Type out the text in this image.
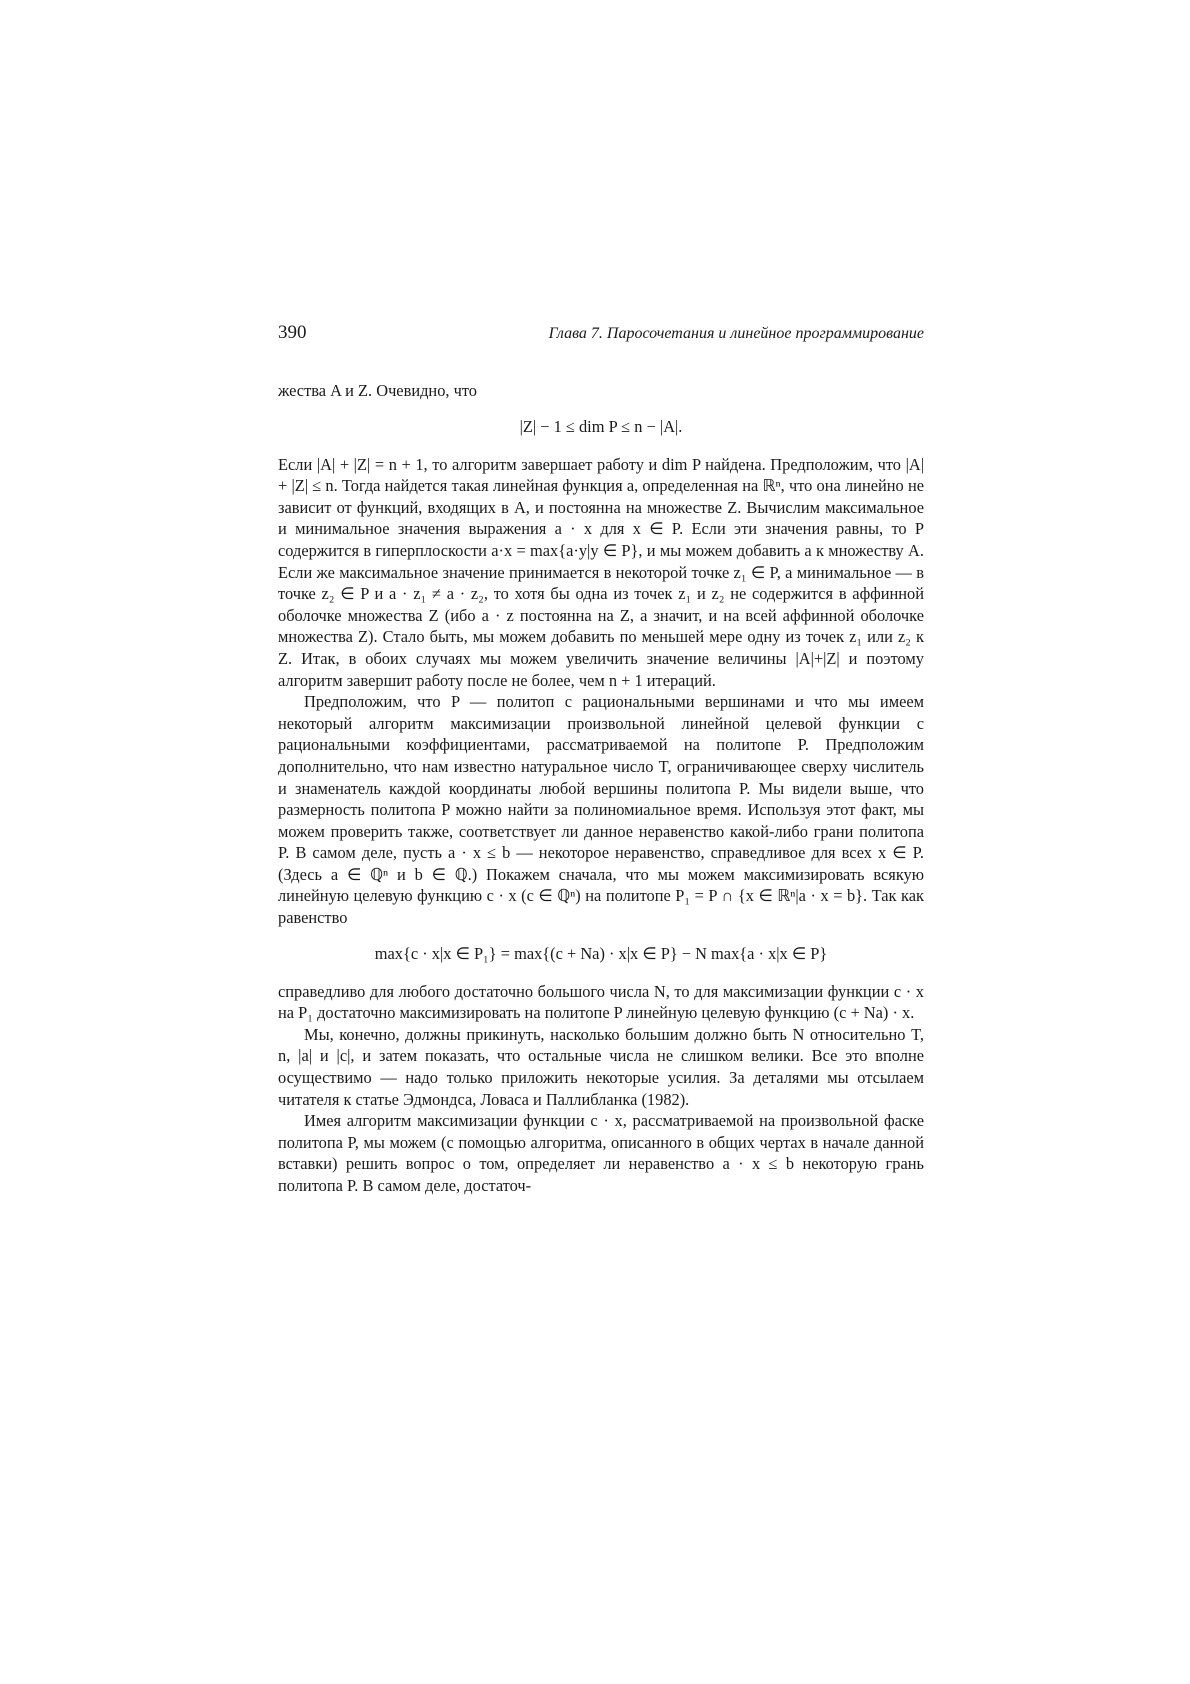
390	Глава 7. Паросочетания и линейное программирование

жества A и Z. Очевидно, что

|Z| − 1 ≤ dim P ≤ n − |A|.

Если |A| + |Z| = n + 1, то алгоритм завершает работу и dim P найдена. Предположим, что |A| + |Z| ≤ n. Тогда найдется такая линейная функция a, определенная на ℝⁿ, что она линейно не зависит от функций, входящих в A, и постоянна на множестве Z. Вычислим максимальное и минимальное значения выражения a · x для x ∈ P. Если эти значения равны, то P содержится в гиперплоскости a·x = max{a·y|y ∈ P}, и мы можем добавить a к множеству A. Если же максимальное значение принимается в некоторой точке z₁ ∈ P, а минимальное — в точке z₂ ∈ P и a · z₁ ≠ a · z₂, то хотя бы одна из точек z₁ и z₂ не содержится в аффинной оболочке множества Z (ибо a · z постоянна на Z, а значит, и на всей аффинной оболочке множества Z). Стало быть, мы можем добавить по меньшей мере одну из точек z₁ или z₂ к Z. Итак, в обоих случаях мы можем увеличить значение величины |A|+|Z| и поэтому алгоритм завершит работу после не более, чем n + 1 итераций.

Предположим, что P — политоп с рациональными вершинами и что мы имеем некоторый алгоритм максимизации произвольной линейной целевой функции с рациональными коэффициентами, рассматриваемой на политопе P. Предположим дополнительно, что нам известно натуральное число T, ограничивающее сверху числитель и знаменатель каждой координаты любой вершины политопа P. Мы видели выше, что размерность политопа P можно найти за полиномиальное время. Используя этот факт, мы можем проверить также, соответствует ли данное неравенство какой-либо грани политопа P. В самом деле, пусть a · x ≤ b — некоторое неравенство, справедливое для всех x ∈ P. (Здесь a ∈ ℚⁿ и b ∈ ℚ.) Покажем сначала, что мы можем максимизировать всякую линейную целевую функцию c · x (c ∈ ℚⁿ) на политопе P₁ = P ∩ {x ∈ ℝⁿ|a · x = b}. Так как равенство

max{c · x|x ∈ P₁} = max{(c + Na) · x|x ∈ P} − N max{a · x|x ∈ P}

справедливо для любого достаточно большого числа N, то для максимизации функции c · x на P₁ достаточно максимизировать на политопе P линейную целевую функцию (c + Na) · x.

Мы, конечно, должны прикинуть, насколько большим должно быть N относительно T, n, |a| и |c|, и затем показать, что остальные числа не слишком велики. Все это вполне осуществимо — надо только приложить некоторые усилия. За деталями мы отсылаем читателя к статье Эдмондса, Ловаса и Паллибланка (1982).

Имея алгоритм максимизации функции c · x, рассматриваемой на произвольной фаске политопа P, мы можем (с помощью алгоритма, описанного в общих чертах в начале данной вставки) решить вопрос о том, определяет ли неравенство a · x ≤ b некоторую грань политопа P. В самом деле, достаточ-
